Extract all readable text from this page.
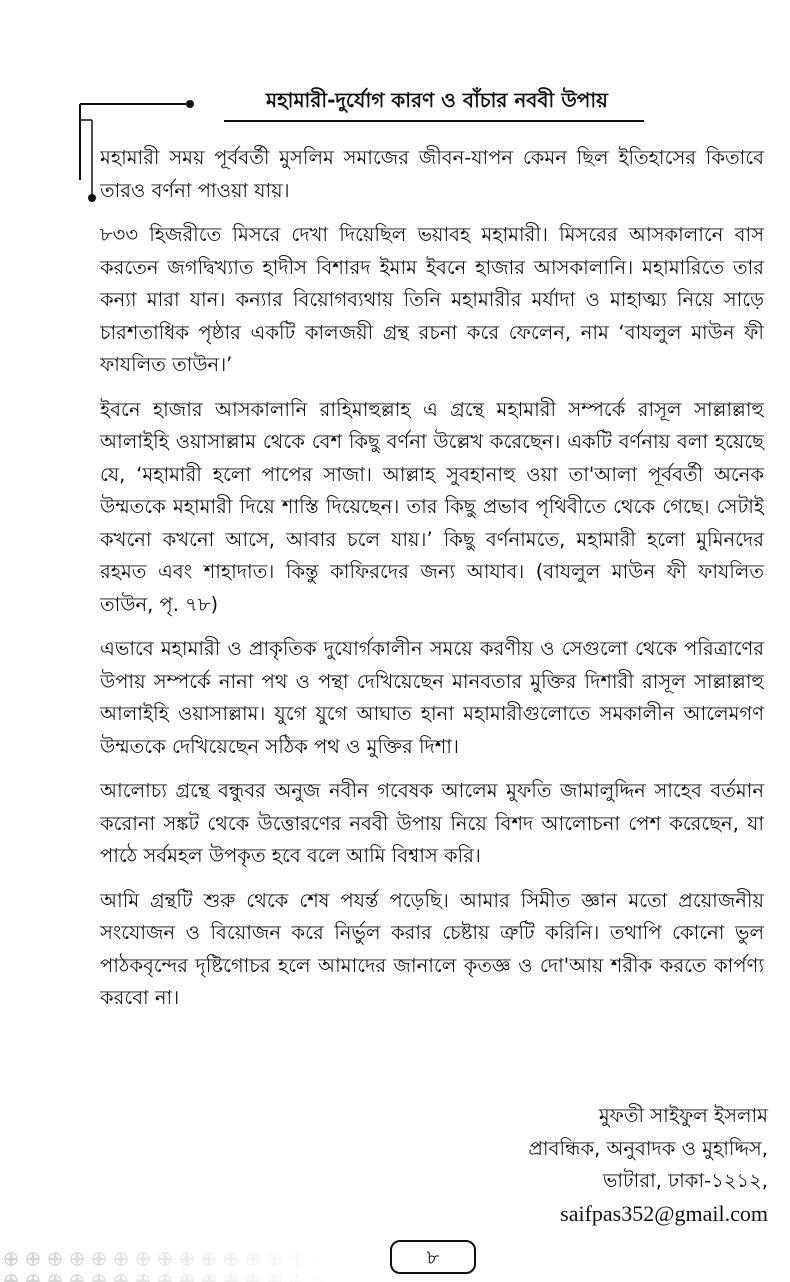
মহামারী-দুর্যোগ কারণ ও বাঁচার নববী উপায়

মহামারী সময় পূর্ববর্তী মুসলিম সমাজের জীবন-যাপন কেমন ছিল ইতিহাসের কিতাবে তারও বর্ণনা পাওয়া যায়।

৮৩৩ হিজরীতে মিসরে দেখা দিয়েছিল ভয়াবহ মহামারী। মিসরের আসকালানে বাস করতেন জগদ্বিখ্যাত হাদীস বিশারদ ইমাম ইবনে হাজার আসকালানি। মহামারিতে তার কন্যা মারা যান। কন্যার বিয়োগব্যথায় তিনি মহামারীর মর্যাদা ও মাহাত্ম্য নিয়ে সাড়ে চারশতাধিক পৃষ্ঠার একটি কালজয়ী গ্রন্থ রচনা করে ফেলেন, নাম ‘বাযলুল মাউন ফী ফাযলিত তাউন।’

ইবনে হাজার আসকালানি রাহিমাহুল্লাহ এ গ্রন্থে মহামারী সম্পর্কে রাসূল সাল্লাল্লাহু আলাইহি ওয়াসাল্লাম থেকে বেশ কিছু বর্ণনা উল্লেখ করেছেন। একটি বর্ণনায় বলা হয়েছে যে, ‘মহামারী হলো পাপের সাজা। আল্লাহ সুবহানাহু ওয়া তা'আলা পূর্ববর্তী অনেক উম্মতকে মহামারী দিয়ে শাস্তি দিয়েছেন। তার কিছু প্রভাব পৃথিবীতে থেকে গেছে। সেটাই কখনো কখনো আসে, আবার চলে যায়।’ কিছু বর্ণনামতে, মহামারী হলো মুমিনদের রহমত এবং শাহাদাত। কিন্তু কাফিরদের জন্য আযাব। (বাযলুল মাউন ফী ফাযলিত তাউন, পৃ. ৭৮)

এভাবে মহামারী ও প্রাকৃতিক দুযোর্গকালীন সময়ে করণীয় ও সেগুলো থেকে পরিত্রাণের উপায় সম্পর্কে নানা পথ ও পন্থা দেখিয়েছেন মানবতার মুক্তির দিশারী রাসূল সাল্লাল্লাহু আলাইহি ওয়াসাল্লাম। যুগে যুগে আঘাত হানা মহামারীগুলোতে সমকালীন আলেমগণ উম্মতকে দেখিয়েছেন সঠিক পথ ও মুক্তির দিশা।

আলোচ্য গ্রন্থে বন্ধুবর অনুজ নবীন গবেষক আলেম মুফতি জামালুদ্দিন সাহেব বর্তমান করোনা সঙ্কট থেকে উত্তোরণের নববী উপায় নিয়ে বিশদ আলোচনা পেশ করেছেন, যা পাঠে সর্বমহল উপকৃত হবে বলে আমি বিশ্বাস করি।

আমি গ্রন্থটি শুরু থেকে শেষ পযর্ন্ত পড়েছি। আমার সিমীত জ্ঞান মতো প্রয়োজনীয় সংযোজন ও বিয়োজন করে নির্ভুল করার চেষ্টায় ত্রুটি করিনি। তথাপি কোনো ভুল পাঠকবৃন্দের দৃষ্টিগোচর হলে আমাদের জানালে কৃতজ্ঞ ও দো'আয় শরীক করতে কার্পণ্য করবো না।

মুফতী সাইফুল ইসলাম
প্রাবন্ধিক, অনুবাদক ও মুহাদ্দিস,
ভাটারা, ঢাকা-১২১২,
saifpas352@gmail.com
৮
